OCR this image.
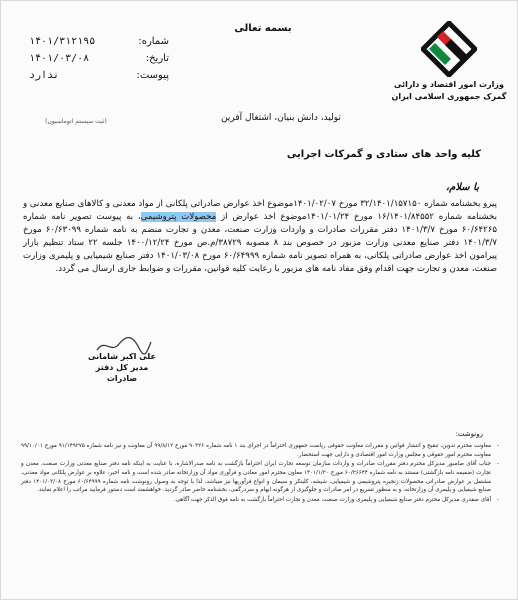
وزارت امور اقتصاد و دارائی
گمرک جمهوری اسلامی ایران
بسمه تعالی
شماره:
۱۴۰۱/۳۱۲۱۹۵
تاریخ:
۱۴۰۱/۰۳/۰۸
پیوست:
ندارد
(ثبت سیستم اتوماسیون)	تولید، دانش بنیان، اشتغال آفرین
کلیه واحد های ستادی و گمرکات اجرایی
با سلام،
پیرو بخشنامه شماره ۳۲/۱۴۰۱/۱۵۷۱۵۰ مورخ ۱۴۰۱/۰۲/۰۷موضوع اخذ عوارض صادراتی پلکانی از مواد معدنی و کالاهای صنایع معدنی و بخشنامه شماره ۱۶/۱۴۰۱/۸۴۵۵۲ مورخ ۱۴۰۱/۰۱/۲۴موضوع اخذ عوارض از محصولات پتروشیمی، به پیوست تصویر نامه شماره ۶۰/۶۴۲۶۵ مورخ ۱۴۰۱/۳/۷ دفتر مقررات صادرات و واردات وزارت صنعت، معدن و تجارت منضم به نامه شماره ۶۰/۶۳۰۹۹ مورخ ۱۴۰۱/۳/۷ دفتر صنایع معدنی وزارت مزبور در خصوص بند ۸ مصوبه ۳۸۷۲۹/م.ص مورخ ۱۴۰۰/۱۲/۲۴ جلسه ۲۲ ستاد تنظیم بازار پیرامون اخذ عوارض صادراتی پلکانی، به همراه تصویر نامه شماره ۶۰/۶۴۹۹۹ مورخ ۱۴۰۱/۰۳/۰۸ دفتر صنایع شیمیایی و پلیمری وزارت صنعت، معدن و تجارت جهت اقدام وفق مفاد نامه های مزبور با رعایت کلیه قوانین، مقررات و ضوابط جاری ارسال می گردد.
علی اکبر شامانی
مدیر کل دفتر صادرات
رونوشت:
- معاونت محترم تدوین، تنقیح و انتشار قوانین و مقررات معاونت حقوقی ریاست جمهوری احتراماً در اجرای بند ۱ نامه شماره ۹۰۳۲۶ مورخ ۹۹/۸/۱۲ آن معاونت و نیز نامه شماره ۹۱/۱۴۹۲۷۵ مورخ ۹۹/۱۰/۰۱ معاونت محترم امور حقوقی و مجلس وزارت امور اقتصادی و دارایی جهت استحضار.
- جناب آقای صامبور مدیرکل محترم دفتر مقررات صادرات و واردات سازمان توسعه تجارت ایران احتراماً بازگشت به نامه صدرالاشاره، با عنایت به اینکه نامه دفتر صنایع معدنی وزارت صنعت، معدن و تجارت (ضمیمه نامه بازگشتی) مستند به نامه شماره ۶۰/۲۶۶۴۴ مورخ ۱۴۰۱/۱/۲۰ معاون محترم امور معادن و فرآوری مواد آن وزارتخانه صادر شده است و نامه اخیر، علاوه بر عوارض پلکانی مواد معدنی، مشتمل بر عوارض صادراتی محصولات زنجیره پتروشیمی و شیمیایی، شیشه، کلینکر و سیمان و انواع فرآوریها نیز میباشد، لذا با توجه به وصول رونوشت نامه شماره ۶۰/۶۴۹۹۹ مورخ ۱۴۰۱/۰۳/۰۸ دفتر صنایع شیمیایی و پلیمری آن وزارتخانه، و به منظور تسریع در امر صادرات و جلوگیری از هرگونه ابهام و سردرگمی، بخشنامه حاضر صادر گردید. خواهشمند است دستور فرمایید مراتب را اعلام نمایند.
- آقای صفدری مدیرکل محترم دفتر صنایع شیمیایی و پلیمری وزارت صنعت، معدن و تجارت احتراماً بازگشت به نامه فوق الذکر جهت آگاهی.
